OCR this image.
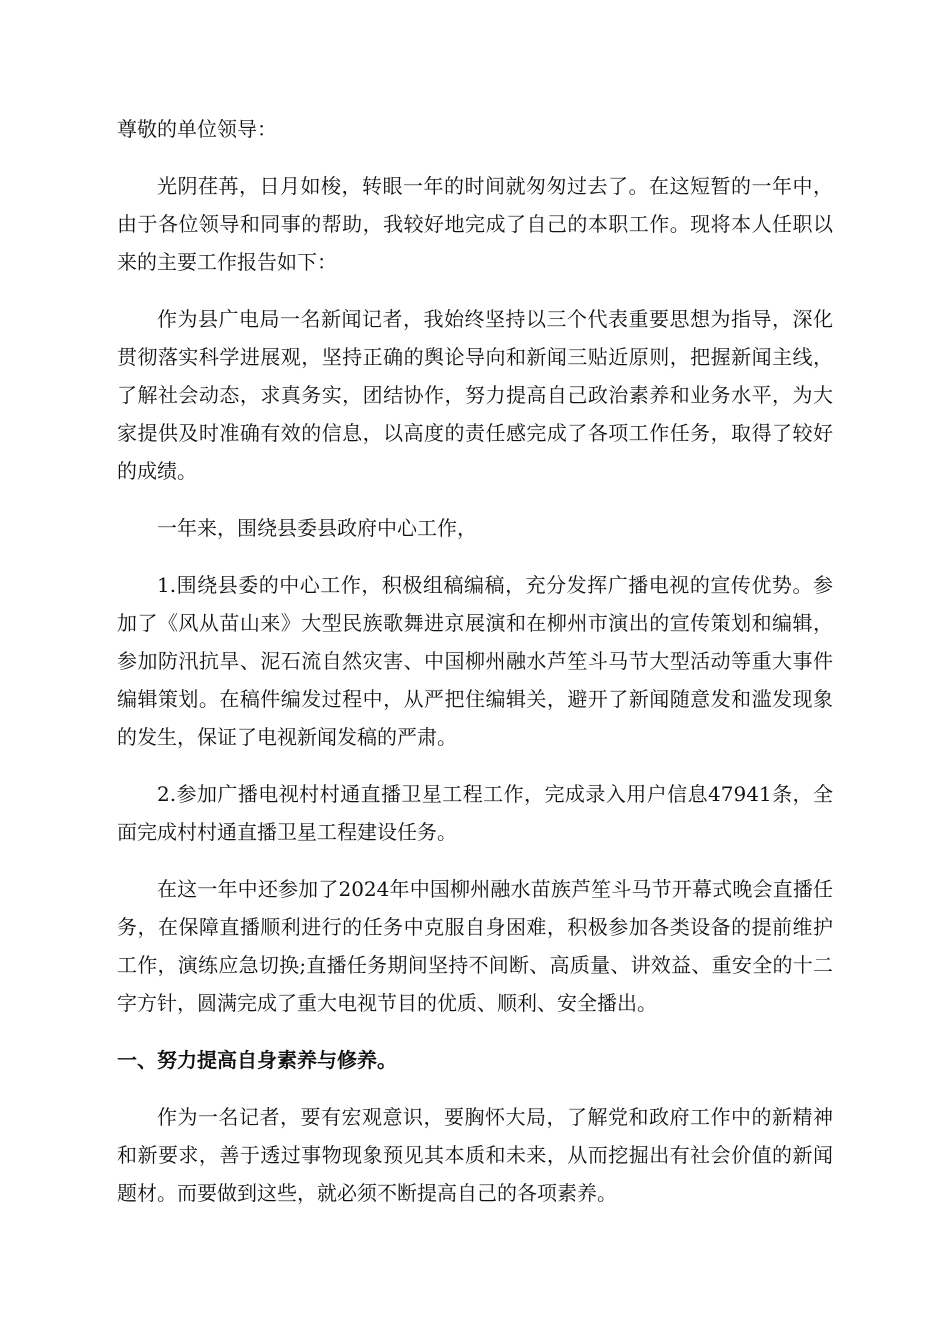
尊敬的单位领导：

光阴荏苒，日月如梭，转眼一年的时间就匆匆过去了。在这短暂的一年中，由于各位领导和同事的帮助，我较好地完成了自己的本职工作。现将本人任职以来的主要工作报告如下：

作为县广电局一名新闻记者，我始终坚持以三个代表重要思想为指导，深化贯彻落实科学进展观，坚持正确的舆论导向和新闻三贴近原则，把握新闻主线，了解社会动态，求真务实，团结协作，努力提高自己政治素养和业务水平，为大家提供及时准确有效的信息，以高度的责任感完成了各项工作任务，取得了较好的成绩。

一年来，围绕县委县政府中心工作，

1.围绕县委的中心工作，积极组稿编稿，充分发挥广播电视的宣传优势。参加了《风从苗山来》大型民族歌舞进京展演和在柳州市演出的宣传策划和编辑，参加防汛抗旱、泥石流自然灾害、中国柳州融水芦笙斗马节大型活动等重大事件编辑策划。在稿件编发过程中，从严把住编辑关，避开了新闻随意发和滥发现象的发生，保证了电视新闻发稿的严肃。

2.参加广播电视村村通直播卫星工程工作，完成录入用户信息47941条，全面完成村村通直播卫星工程建设任务。

在这一年中还参加了2024年中国柳州融水苗族芦笙斗马节开幕式晚会直播任务，在保障直播顺利进行的任务中克服自身困难，积极参加各类设备的提前维护工作，演练应急切换;直播任务期间坚持不间断、高质量、讲效益、重安全的十二字方针，圆满完成了重大电视节目的优质、顺利、安全播出。

一、努力提高自身素养与修养。

作为一名记者，要有宏观意识，要胸怀大局，了解党和政府工作中的新精神和新要求，善于透过事物现象预见其本质和未来，从而挖掘出有社会价值的新闻题材。而要做到这些，就必须不断提高自己的各项素养。
